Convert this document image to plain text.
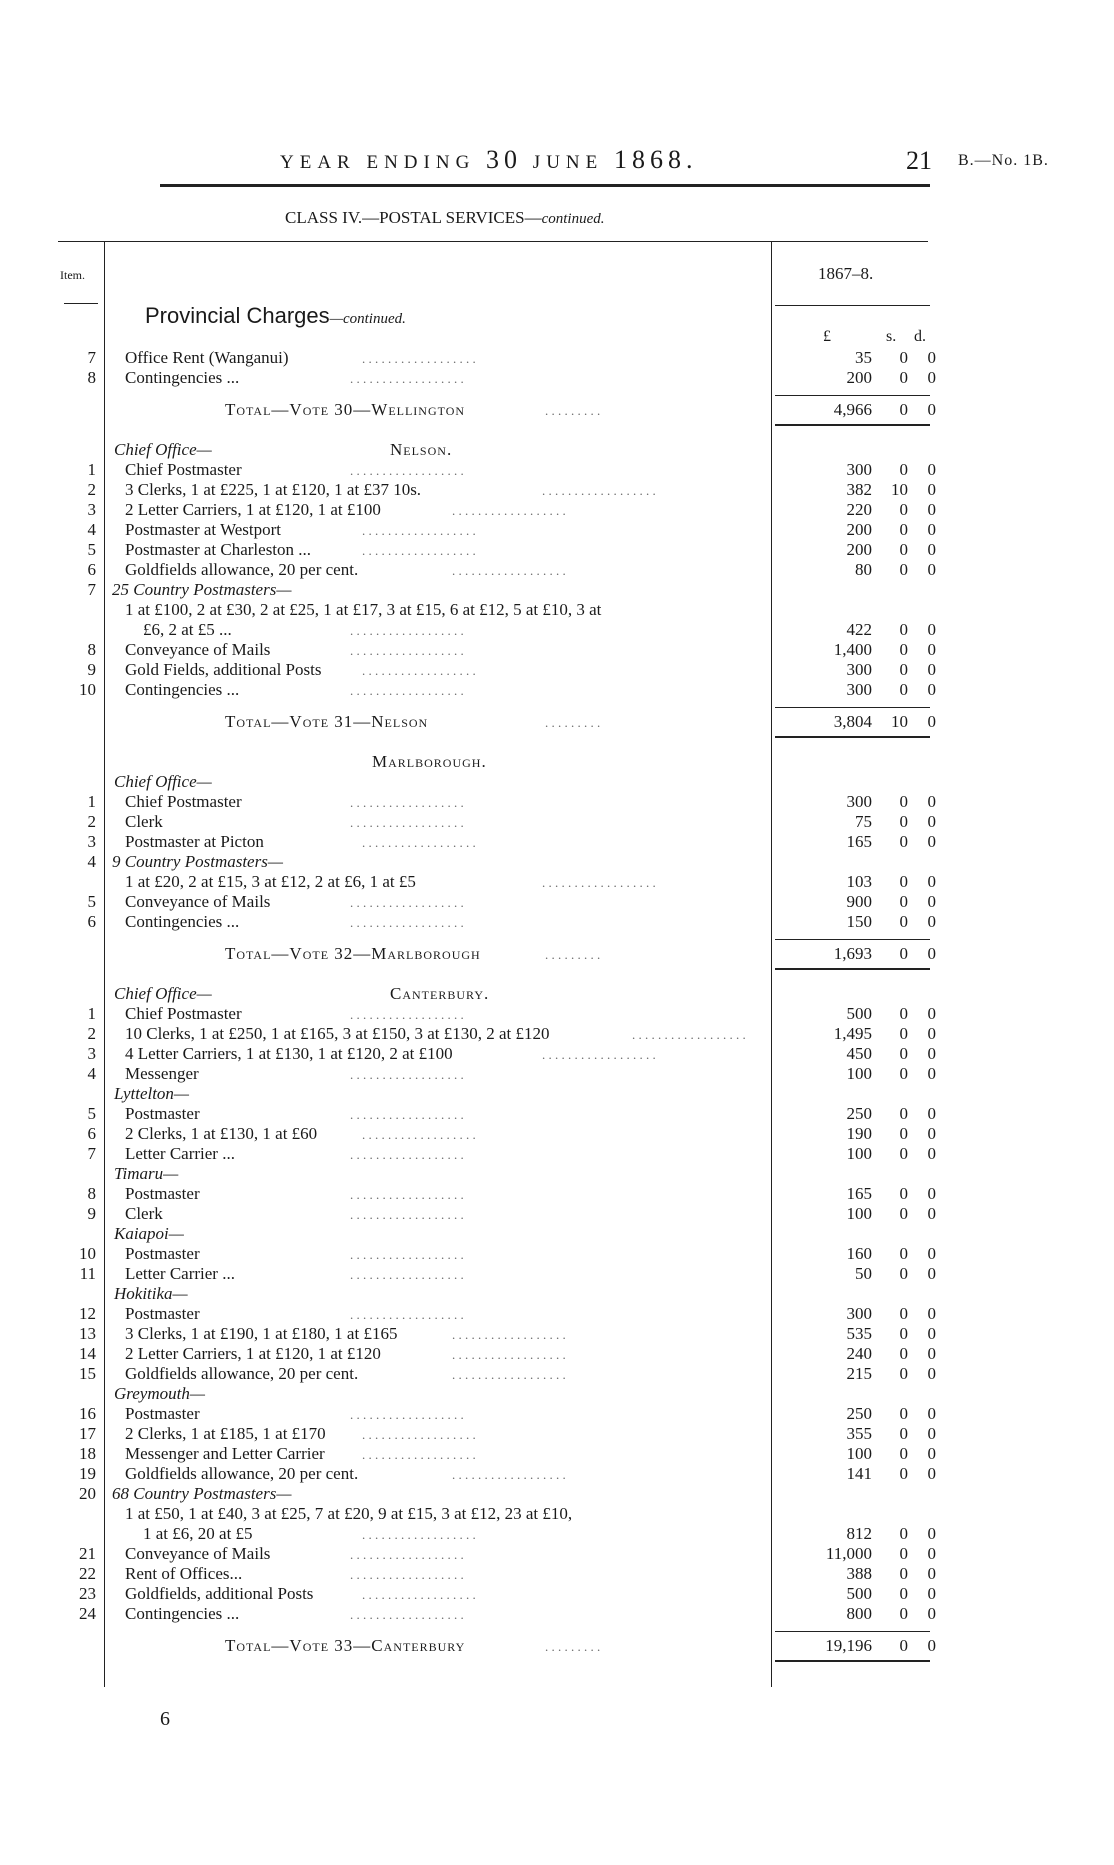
YEAR ENDING 30 JUNE 1868.	21 B.—No. 1B.
CLASS IV.—POSTAL SERVICES—continued.
Item.	1867–8.
Provincial Charges—continued.
£	s. d.
7 Office Rent (Wanganui)	. . . . . . . . . . . . . . . . . .	35	0	0
8 Contingencies ...	. . . . . . . . . . . . . . . . . .	200	0	0
Total—Vote 30—Wellington	. . . . . . . . .	4,966	0	0
Chief Office—	Nelson.
1 Chief Postmaster	. . . . . . . . . . . . . . . . . .	300	0	0
2 3 Clerks, 1 at £225, 1 at £120, 1 at £37 10s.	. . . . . . . . . . . . . . . . . .	382	10	0
3 2 Letter Carriers, 1 at £120, 1 at £100	. . . . . . . . . . . . . . . . . .	220	0	0
4 Postmaster at Westport	. . . . . . . . . . . . . . . . . .	200	0	0
5 Postmaster at Charleston ...	. . . . . . . . . . . . . . . . . .	200	0	0
6 Goldfields allowance, 20 per cent.	. . . . . . . . . . . . . . . . . .	80	0	0
7 25 Country Postmasters—
1 at £100, 2 at £30, 2 at £25, 1 at £17, 3 at £15, 6 at £12, 5 at £10, 3 at
£6, 2 at £5 ...	. . . . . . . . . . . . . . . . . .	422	0	0
8 Conveyance of Mails	. . . . . . . . . . . . . . . . . .	1,400	0	0
9 Gold Fields, additional Posts	. . . . . . . . . . . . . . . . . .	300	0	0
10 Contingencies ...	. . . . . . . . . . . . . . . . . .	300	0	0
Total—Vote 31—Nelson	. . . . . . . . .	3,804	10	0
Marlborough.
Chief Office—
1 Chief Postmaster	. . . . . . . . . . . . . . . . . .	300	0	0
2 Clerk	. . . . . . . . . . . . . . . . . .	75	0	0
3 Postmaster at Picton	. . . . . . . . . . . . . . . . . .	165	0	0
4 9 Country Postmasters—
1 at £20, 2 at £15, 3 at £12, 2 at £6, 1 at £5	. . . . . . . . . . . . . . . . . .	103	0	0
5 Conveyance of Mails	. . . . . . . . . . . . . . . . . .	900	0	0
6 Contingencies ...	. . . . . . . . . . . . . . . . . .	150	0	0
Total—Vote 32—Marlborough	. . . . . . . . .	1,693	0	0
Chief Office—	Canterbury.
1 Chief Postmaster	. . . . . . . . . . . . . . . . . .	500	0	0
2 10 Clerks, 1 at £250, 1 at £165, 3 at £150, 3 at £130, 2 at £120	. . . . . . . . . . . . . . . . . .	1,495	0	0
3 4 Letter Carriers, 1 at £130, 1 at £120, 2 at £100	. . . . . . . . . . . . . . . . . .	450	0	0
4 Messenger	. . . . . . . . . . . . . . . . . .	100	0	0
Lyttelton—
5 Postmaster	. . . . . . . . . . . . . . . . . .	250	0	0
6 2 Clerks, 1 at £130, 1 at £60	. . . . . . . . . . . . . . . . . .	190	0	0
7 Letter Carrier ...	. . . . . . . . . . . . . . . . . .	100	0	0
Timaru—
8 Postmaster	. . . . . . . . . . . . . . . . . .	165	0	0
9 Clerk	. . . . . . . . . . . . . . . . . .	100	0	0
Kaiapoi—
10 Postmaster	. . . . . . . . . . . . . . . . . .	160	0	0
11 Letter Carrier ...	. . . . . . . . . . . . . . . . . .	50	0	0
Hokitika—
12 Postmaster	. . . . . . . . . . . . . . . . . .	300	0	0
13 3 Clerks, 1 at £190, 1 at £180, 1 at £165	. . . . . . . . . . . . . . . . . .	535	0	0
14 2 Letter Carriers, 1 at £120, 1 at £120	. . . . . . . . . . . . . . . . . .	240	0	0
15 Goldfields allowance, 20 per cent.	. . . . . . . . . . . . . . . . . .	215	0	0
Greymouth—
16 Postmaster	. . . . . . . . . . . . . . . . . .	250	0	0
17 2 Clerks, 1 at £185, 1 at £170	. . . . . . . . . . . . . . . . . .	355	0	0
18 Messenger and Letter Carrier	. . . . . . . . . . . . . . . . . .	100	0	0
19 Goldfields allowance, 20 per cent.	. . . . . . . . . . . . . . . . . .	141	0	0
20 68 Country Postmasters—
1 at £50, 1 at £40, 3 at £25, 7 at £20, 9 at £15, 3 at £12, 23 at £10,
1 at £6, 20 at £5	. . . . . . . . . . . . . . . . . .	812	0	0
21 Conveyance of Mails	. . . . . . . . . . . . . . . . . .	11,000	0	0
22 Rent of Offices...	. . . . . . . . . . . . . . . . . .	388	0	0
23 Goldfields, additional Posts	. . . . . . . . . . . . . . . . . .	500	0	0
24 Contingencies ...	. . . . . . . . . . . . . . . . . .	800	0	0
Total—Vote 33—Canterbury	. . . . . . . . .	19,196	0	0
6
